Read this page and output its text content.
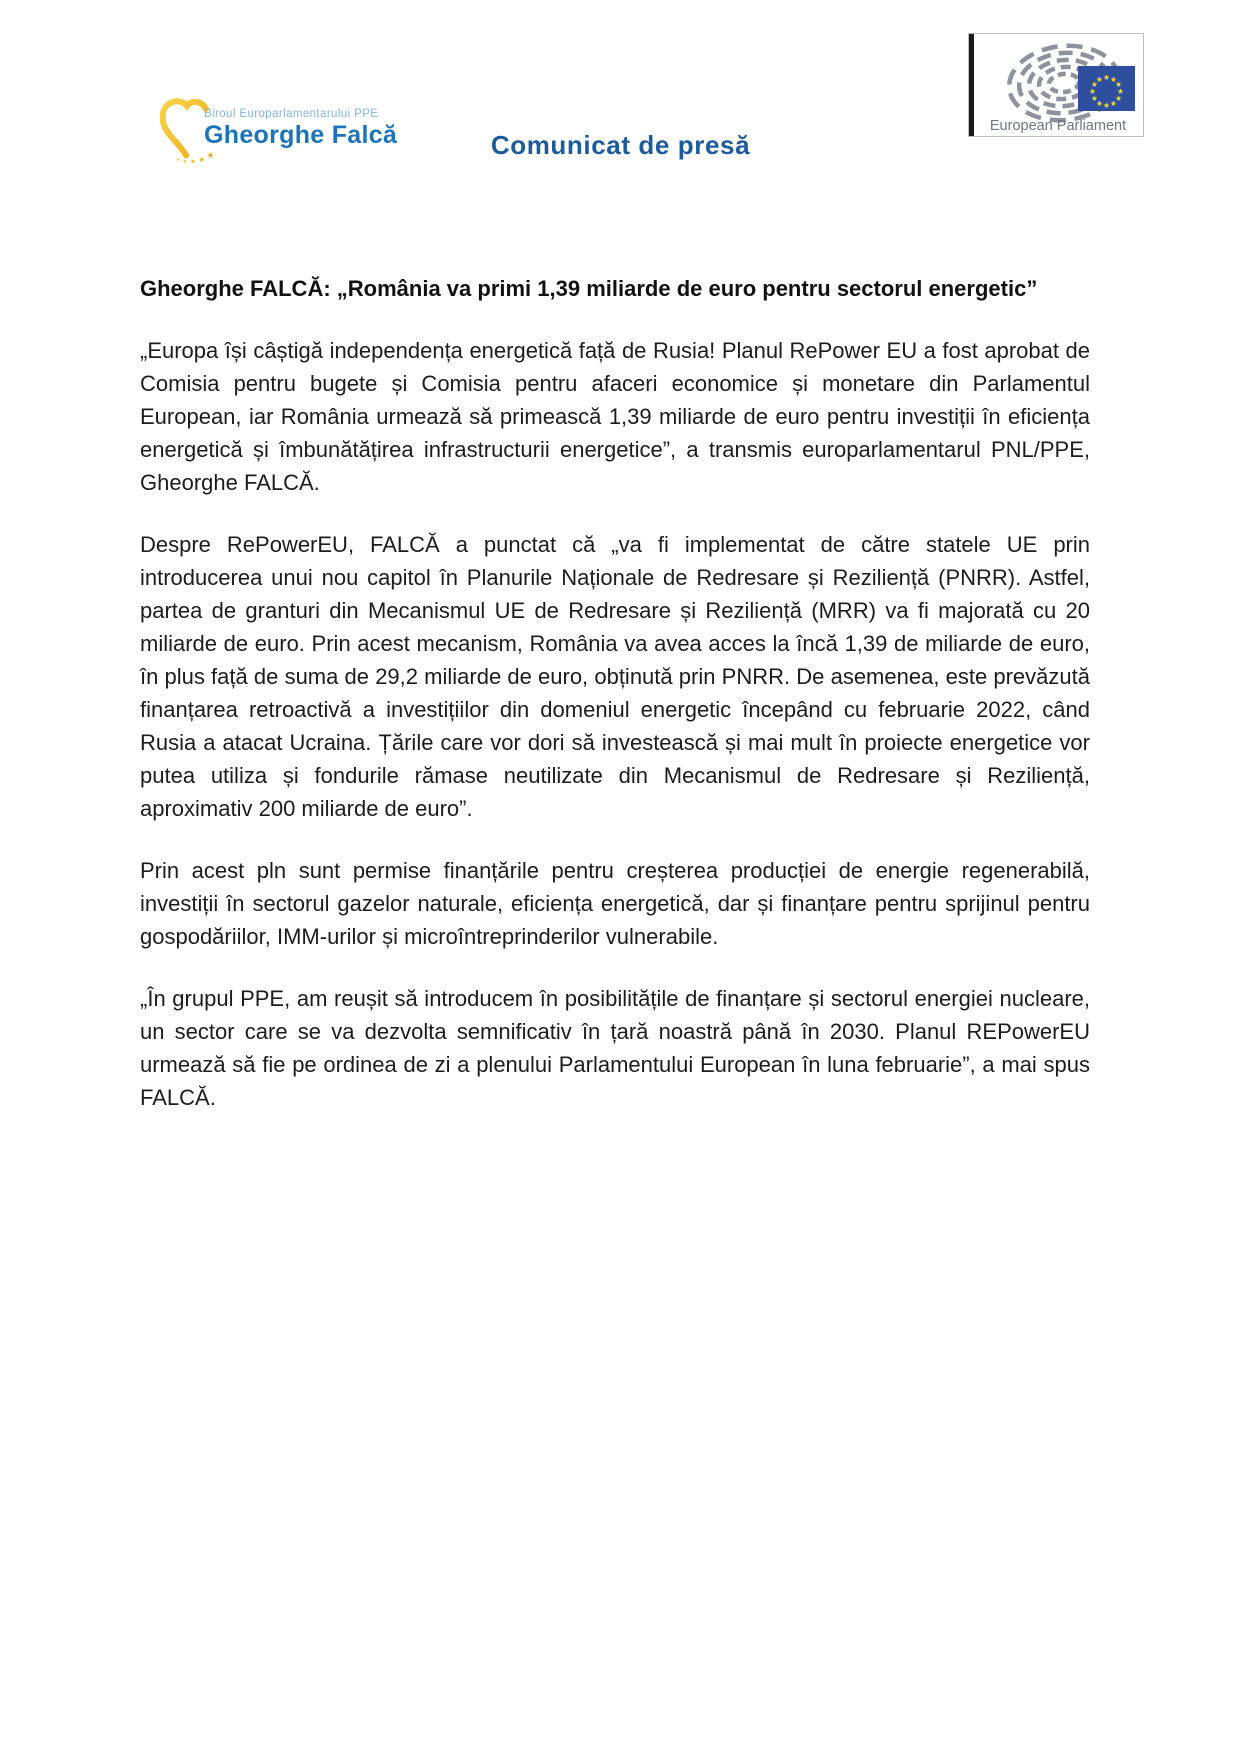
★ ★ ★ ★ ★
Biroul Europarlamentarului PPE
Gheorghe Falcă
★ ★
★
★
★
★
★
★
★
★
★
★
European Parliament
Comunicat de presă

Gheorghe FALCĂ: „România va primi 1,39 miliarde de euro pentru sectorul energetic”

„Europa își câștigă independența energetică față de Rusia! Planul RePower EU a fost aprobat de Comisia pentru bugete și Comisia pentru afaceri economice și monetare din Parlamentul European, iar România urmează să primească 1,39 miliarde de euro pentru investiții în eficiența energetică și îmbunătățirea infrastructurii energetice”, a transmis europarlamentarul PNL/PPE, Gheorghe FALCĂ.

Despre RePowerEU, FALCĂ a punctat că „va fi implementat de către statele UE prin introducerea unui nou capitol în Planurile Naționale de Redresare și Reziliență (PNRR). Astfel, partea de granturi din Mecanismul UE de Redresare și Reziliență (MRR) va fi majorată cu 20 miliarde de euro. Prin acest mecanism, România va avea acces la încă 1,39 de miliarde de euro, în plus față de suma de 29,2 miliarde de euro, obținută prin PNRR. De asemenea, este prevăzută finanțarea retroactivă a investițiilor din domeniul energetic începând cu februarie 2022, când Rusia a atacat Ucraina. Țările care vor dori să investească și mai mult în proiecte energetice vor putea utiliza și fondurile rămase neutilizate din Mecanismul de Redresare și Reziliență, aproximativ 200 miliarde de euro”.

Prin acest pln sunt permise finanțările pentru creșterea producției de energie regenerabilă, investiții în sectorul gazelor naturale, eficiența energetică, dar și finanțare pentru sprijinul pentru gospodăriilor, IMM-urilor și microîntreprinderilor vulnerabile.

„În grupul PPE, am reușit să introducem în posibilitățile de finanțare și sectorul energiei nucleare, un sector care se va dezvolta semnificativ în țară noastră până în 2030. Planul REPowerEU urmează să fie pe ordinea de zi a plenului Parlamentului European în luna februarie”, a mai spus FALCĂ.
